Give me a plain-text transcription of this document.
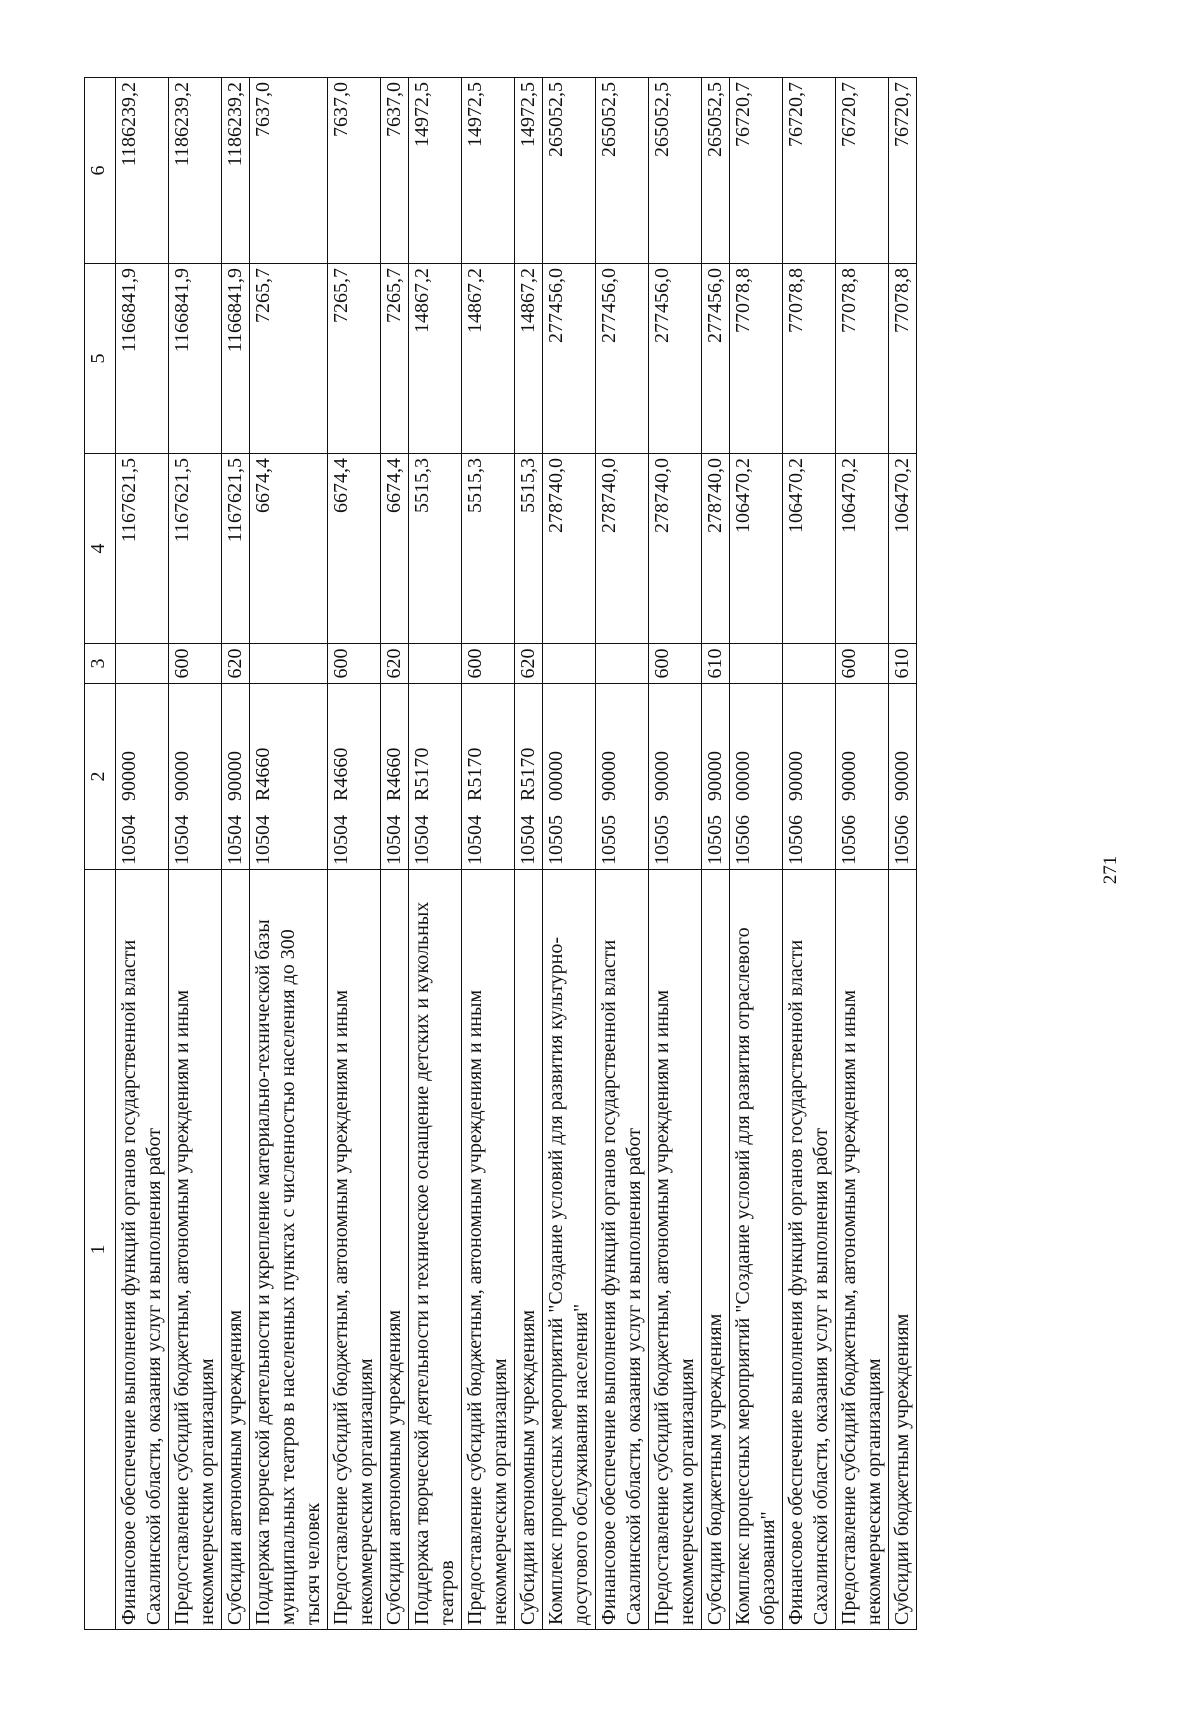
271
1	2	3	4	5	6
Финансовое обеспечение выполнения функций органов государственной власти Сахалинской области, оказания услуг и выполнения работ	1050490000		1167621,5	1166841,9	1186239,2
Предоставление субсидий бюджетным, автономным учреждениям и иным некоммерческим организациям	1050490000	600	1167621,5	1166841,9	1186239,2
Субсидии автономным учреждениям	1050490000	620	1167621,5	1166841,9	1186239,2
Поддержка творческой деятельности и укрепление материально-технической базы муниципальных театров в населенных пунктах с численностью населения до 300 тысяч человек	10504R4660		6674,4	7265,7	7637,0
Предоставление субсидий бюджетным, автономным учреждениям и иным некоммерческим организациям	10504R4660	600	6674,4	7265,7	7637,0
Субсидии автономным учреждениям	10504R4660	620	6674,4	7265,7	7637,0
Поддержка творческой деятельности и техническое оснащение детских и кукольных театров	10504R5170		5515,3	14867,2	14972,5
Предоставление субсидий бюджетным, автономным учреждениям и иным некоммерческим организациям	10504R5170	600	5515,3	14867,2	14972,5
Субсидии автономным учреждениям	10504R5170	620	5515,3	14867,2	14972,5
Комплекс процессных мероприятий "Создание условий для развития культурно-досугового обслуживания населения"	1050500000		278740,0	277456,0	265052,5
Финансовое обеспечение выполнения функций органов государственной власти Сахалинской области, оказания услуг и выполнения работ	1050590000		278740,0	277456,0	265052,5
Предоставление субсидий бюджетным, автономным учреждениям и иным некоммерческим организациям	1050590000	600	278740,0	277456,0	265052,5
Субсидии бюджетным учреждениям	1050590000	610	278740,0	277456,0	265052,5
Комплекс процессных мероприятий "Создание условий для развития отраслевого образования"	1050600000		106470,2	77078,8	76720,7
Финансовое обеспечение выполнения функций органов государственной власти Сахалинской области, оказания услуг и выполнения работ	1050690000		106470,2	77078,8	76720,7
Предоставление субсидий бюджетным, автономным учреждениям и иным некоммерческим организациям	1050690000	600	106470,2	77078,8	76720,7
Субсидии бюджетным учреждениям	1050690000	610	106470,2	77078,8	76720,7
